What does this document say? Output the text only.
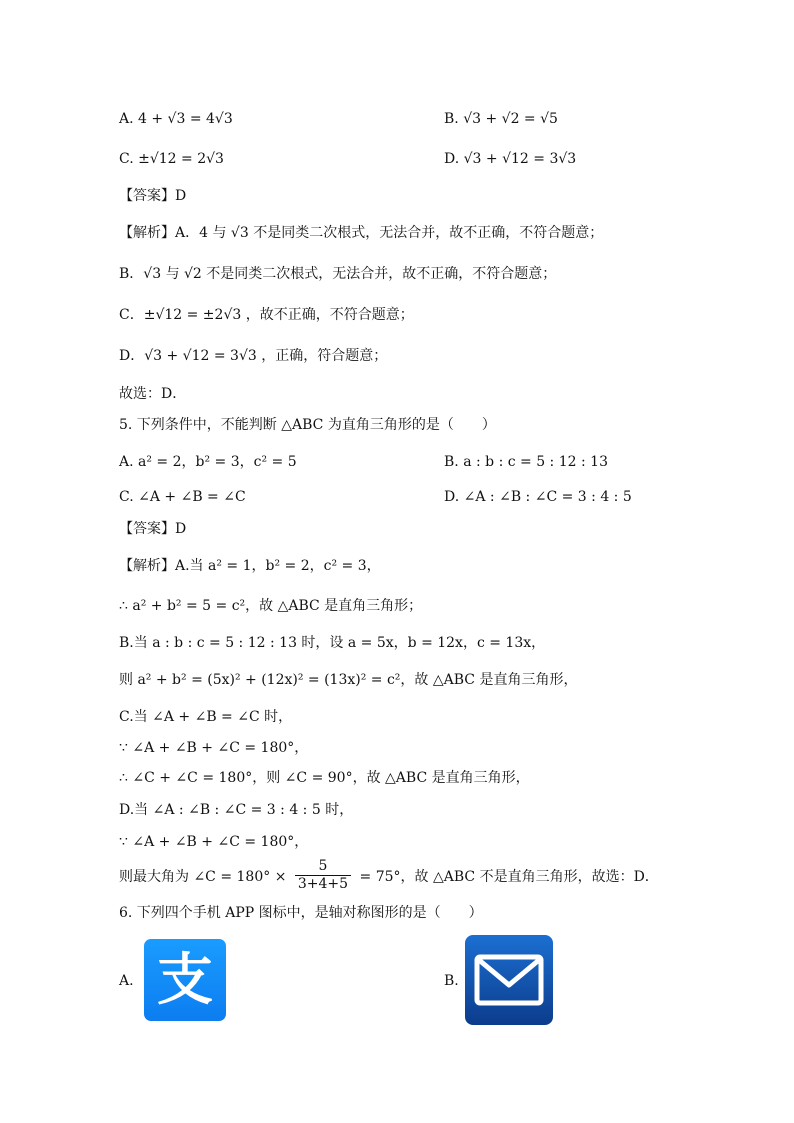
A. 4 + √3 = 4√3	B. √3 + √2 = √5
C. ±√12 = 2√3	D. √3 + √12 = 3√3
【答案】D
【解析】A．4 与 √3 不是同类二次根式，无法合并，故不正确，不符合题意；
B．√3 与 √2 不是同类二次根式，无法合并，故不正确，不符合题意；
C．±√12 = ±2√3 ，故不正确，不符合题意；
D．√3 + √12 = 3√3 ，正确，符合题意；
故选：D．
5. 下列条件中，不能判断 △ABC 为直角三角形的是（　　）
A. a² = 2，b² = 3，c² = 5	B. a : b : c = 5 : 12 : 13
C. ∠A + ∠B = ∠C	D. ∠A : ∠B : ∠C = 3 : 4 : 5
【答案】D
【解析】A.当 a² = 1，b² = 2，c² = 3，
∴ a² + b² = 5 = c²，故 △ABC 是直角三角形；
B.当 a : b : c = 5 : 12 : 13 时，设 a = 5x，b = 12x，c = 13x，
则 a² + b² = (5x)² + (12x)² = (13x)² = c²，故 △ABC 是直角三角形，
C.当 ∠A + ∠B = ∠C 时，
∵ ∠A + ∠B + ∠C = 180°，
∴ ∠C + ∠C = 180°，则 ∠C = 90°，故 △ABC 是直角三角形，
D.当 ∠A : ∠B : ∠C = 3 : 4 : 5 时，
∵ ∠A + ∠B + ∠C = 180°，
则最大角为 ∠C = $180^\circ \times \frac{5}{3+4+5} = 75^\circ$，故 △ABC 不是直角三角形，故选：D．
6. 下列四个手机 APP 图标中，是轴对称图形的是（　　）
A.	B.
支
